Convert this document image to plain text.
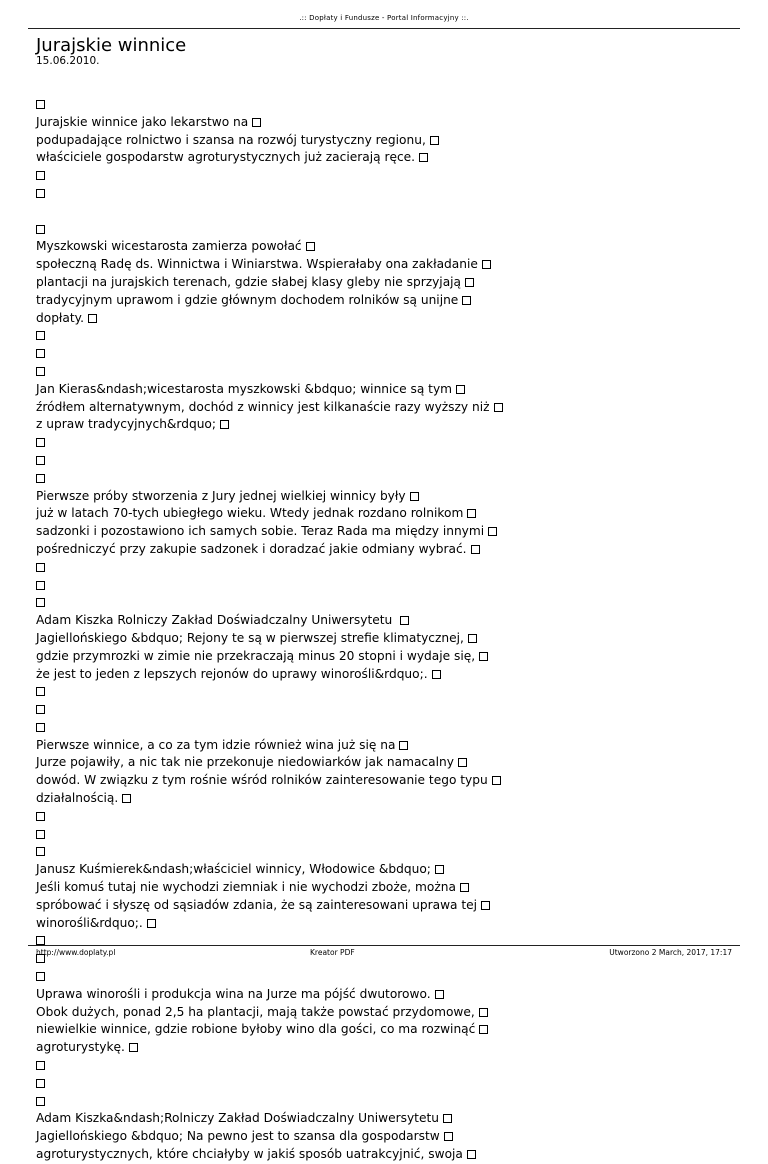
.:: Dopłaty i Fundusze - Portal Informacyjny ::.
Jurajskie winnice
15.06.2010.
Jurajskie winnice jako lekarstwo na
podupadające rolnictwo i szansa na rozwój turystyczny regionu,
właściciele gospodarstw agroturystycznych już zacierają ręce.

Myszkowski wicestarosta zamierza powołać
społeczną Radę ds. Winnictwa i Winiarstwa. Wspierałaby ona zakładanie
plantacji na jurajskich terenach, gdzie słabej klasy gleby nie sprzyjają
tradycyjnym uprawom i gdzie głównym dochodem rolników są unijne
dopłaty.
Jan Kieras&ndash;wicestarosta myszkowski &bdquo; winnice są tym
źródłem alternatywnym, dochód z winnicy jest kilkanaście razy wyższy niż
z upraw tradycyjnych&rdquo;
Pierwsze próby stworzenia z Jury jednej wielkiej winnicy były
już w latach 70-tych ubiegłego wieku. Wtedy jednak rozdano rolnikom
sadzonki i pozostawiono ich samych sobie. Teraz Rada ma między innymi
pośredniczyć przy zakupie sadzonek i doradzać jakie odmiany wybrać.
Adam Kiszka Rolniczy Zakład Doświadczalny Uniwersytetu
Jagiellońskiego &bdquo; Rejony te są w pierwszej strefie klimatycznej,
gdzie przymrozki w zimie nie przekraczają minus 20 stopni i wydaje się,
że jest to jeden z lepszych rejonów do uprawy winorośli&rdquo;.
Pierwsze winnice, a co za tym idzie również wina już się na
Jurze pojawiły, a nic tak nie przekonuje niedowiarków jak namacalny
dowód. W związku z tym rośnie wśród rolników zainteresowanie tego typu
działalnością.
Janusz Kuśmierek&ndash;właściciel winnicy, Włodowice &bdquo;
Jeśli komuś tutaj nie wychodzi ziemniak i nie wychodzi zboże, można
spróbować i słyszę od sąsiadów zdania, że są zainteresowani uprawa tej
winorośli&rdquo;.
Uprawa winorośli i produkcja wina na Jurze ma pójść dwutorowo.
Obok dużych, ponad 2,5 ha plantacji, mają także powstać przydomowe,
niewielkie winnice, gdzie robione byłoby wino dla gości, co ma rozwinąć
agroturystykę.
Adam Kiszka&ndash;Rolniczy Zakład Doświadczalny Uniwersytetu
Jagiellońskiego &bdquo; Na pewno jest to szansa dla gospodarstw
agroturystycznych, które chciałyby w jakiś sposób uatrakcyjnić, swoja
http://www.doplaty.pl	Kreator PDF	Utworzono 2 March, 2017, 17:17
